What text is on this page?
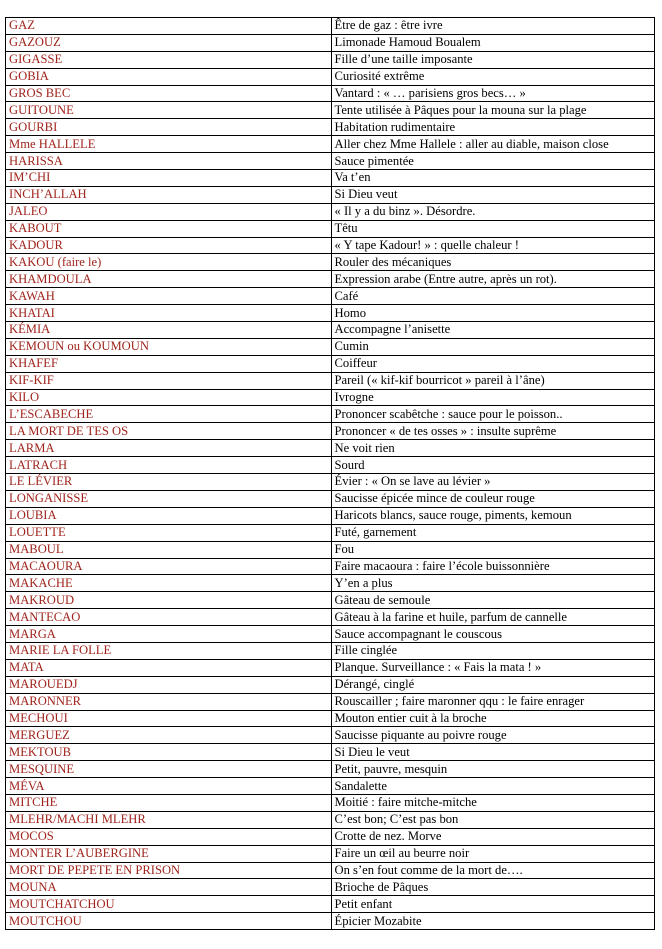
GAZ	Être de gaz : être ivre
GAZOUZ	Limonade Hamoud Boualem
GIGASSE	Fille d’une taille imposante
GOBIA	Curiosité extrême
GROS BEC	Vantard : « … parisiens gros becs… »
GUITOUNE	Tente utilisée à Pâques pour la mouna sur la plage
GOURBI	Habitation rudimentaire
Mme HALLELE	Aller chez Mme Hallele : aller au diable, maison close
HARISSA	Sauce pimentée
IM’CHI	Va t’en
INCH’ALLAH	Si Dieu veut
JALEO	« Il y a du binz ». Désordre.
KABOUT	Têtu
KADOUR	« Y tape Kadour! » : quelle chaleur !
KAKOU (faire le)	Rouler des mécaniques
KHAMDOULA	Expression arabe (Entre autre, après un rot).
KAWAH	Café
KHATAI	Homo
KÉMIA	Accompagne l’anisette
KEMOUN ou KOUMOUN	Cumin
KHAFEF	Coiffeur
KIF-KIF	Pareil (« kif-kif bourricot » pareil à l’âne)
KILO	Ivrogne
L’ESCABECHE	Prononcer scabêtche : sauce pour le poisson..
LA MORT DE TES OS	Prononcer « de tes osses » : insulte suprême
LARMA	Ne voit rien
LATRACH	Sourd
LE LÉVIER	Évier : « On se lave au lévier »
LONGANISSE	Saucisse épicée mince de couleur rouge
LOUBIA	Haricots blancs, sauce rouge, piments, kemoun
LOUETTE	Futé, garnement
MABOUL	Fou
MACAOURA	Faire macaoura : faire l’école buissonnière
MAKACHE	Y’en a plus
MAKROUD	Gâteau de semoule
MANTECAO	Gâteau à la farine et huile, parfum de cannelle
MARGA	Sauce accompagnant le couscous
MARIE LA FOLLE	Fille cinglée
MATA	Planque. Surveillance : « Fais la mata ! »
MAROUEDJ	Dérangé, cinglé
MARONNER	Rouscailler ; faire maronner qqu : le faire enrager
MECHOUI	Mouton entier cuit à la broche
MERGUEZ	Saucisse piquante au poivre rouge
MEKTOUB	Si Dieu le veut
MESQUINE	Petit, pauvre, mesquin
MÉVA	Sandalette
MITCHE	Moitié : faire mitche-mitche
MLEHR/MACHI MLEHR	C’est bon; C’est pas bon
MOCOS	Crotte de nez. Morve
MONTER L’AUBERGINE	Faire un œil au beurre noir
MORT DE PEPETE EN PRISON	On s’en fout comme de la mort de….
MOUNA	Brioche de Pâques
MOUTCHATCHOU	Petit enfant
MOUTCHOU	Épicier Mozabite
